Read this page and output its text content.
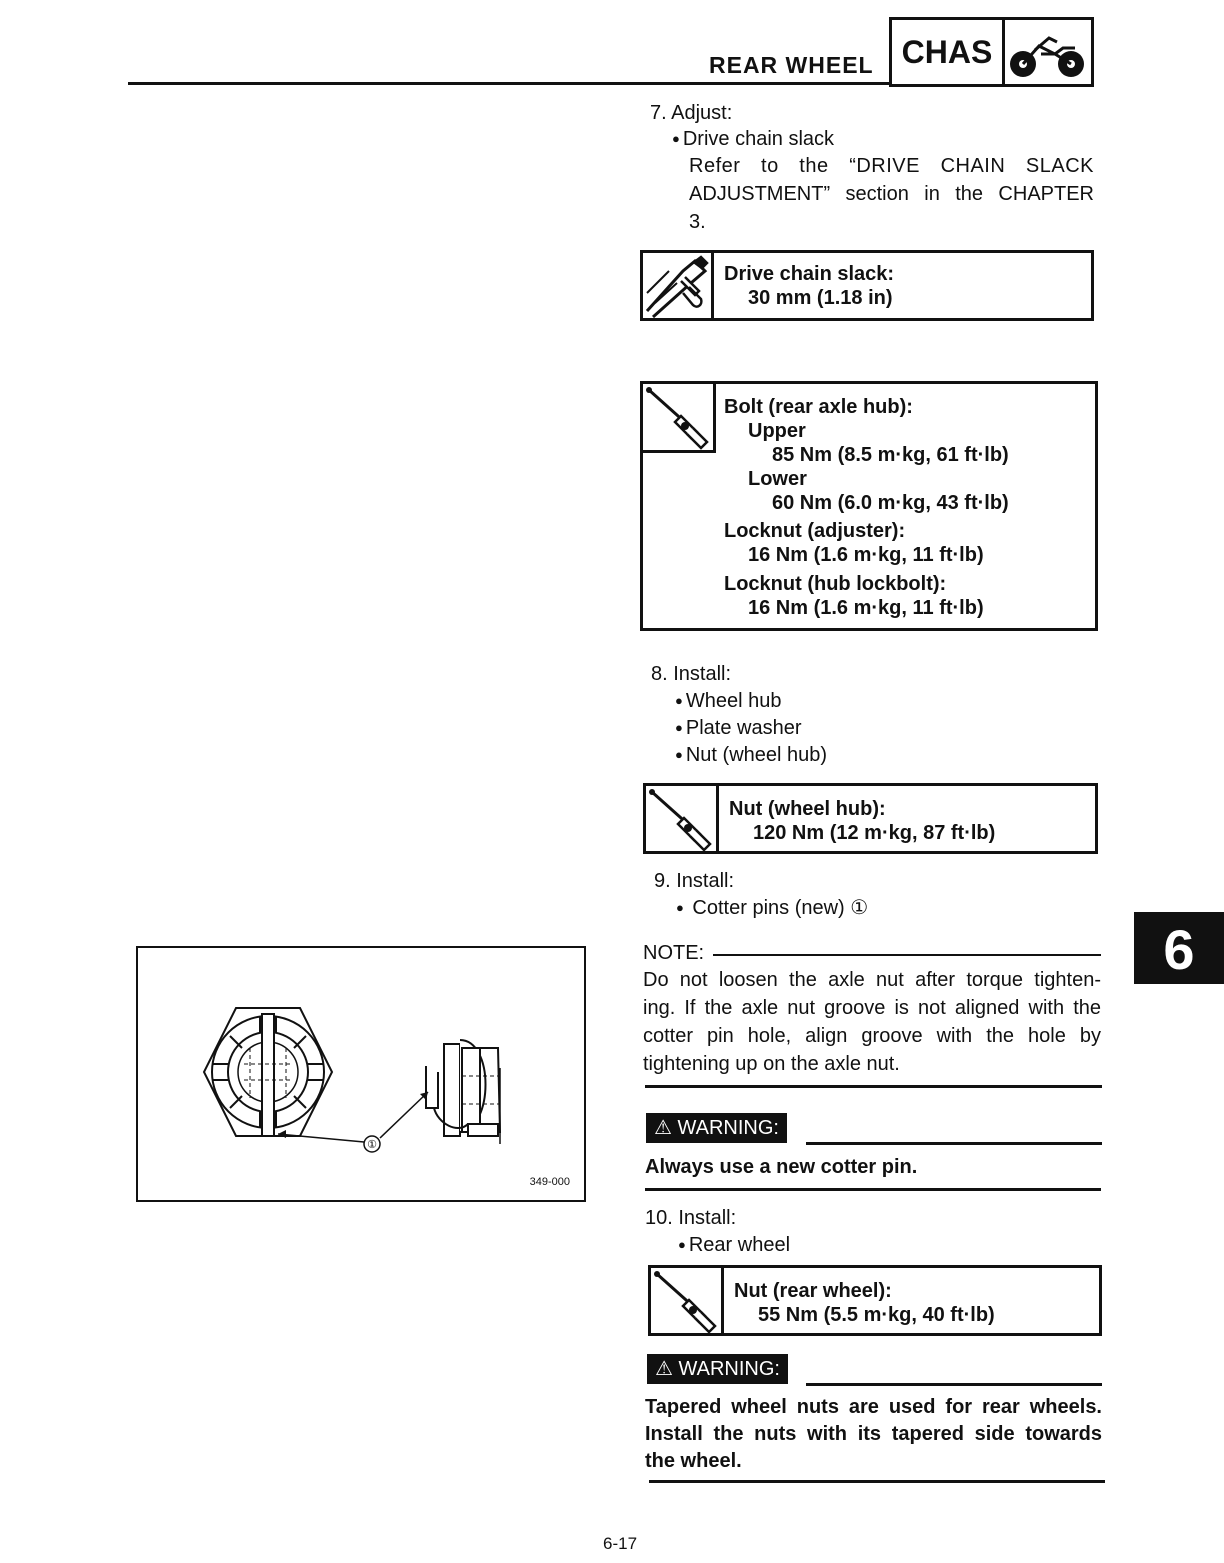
REAR WHEEL CHAS
7. Adjust:
● Drive chain slack
Refer to the “DRIVE CHAIN SLACK
ADJUSTMENT” section in the CHAPTER
3.
Drive chain slack:
30 mm (1.18 in)
Bolt (rear axle hub):
Upper
85 Nm (8.5 m·kg, 61 ft·lb)
Lower
60 Nm (6.0 m·kg, 43 ft·lb)
Locknut (adjuster):
16 Nm (1.6 m·kg, 11 ft·lb)
Locknut (hub lockbolt):
16 Nm (1.6 m·kg, 11 ft·lb)
8. Install:
● Wheel hub
● Plate washer
● Nut (wheel hub)
Nut (wheel hub):
120 Nm (12 m·kg, 87 ft·lb)
9. Install:
● Cotter pins (new) ①
NOTE:
Do not loosen the axle nut after torque tighten-
ing. If the axle nut groove is not aligned with the
cotter pin hole, align groove with the hole by
tightening up on the axle nut.
⚠ WARNING:
Always use a new cotter pin.
10. Install:
● Rear wheel
Nut (rear wheel):
55 Nm (5.5 m·kg, 40 ft·lb)
⚠ WARNING:
Tapered wheel nuts are used for rear wheels.
Install the nuts with its tapered side towards
the wheel.
6
①
349-000
6-17
